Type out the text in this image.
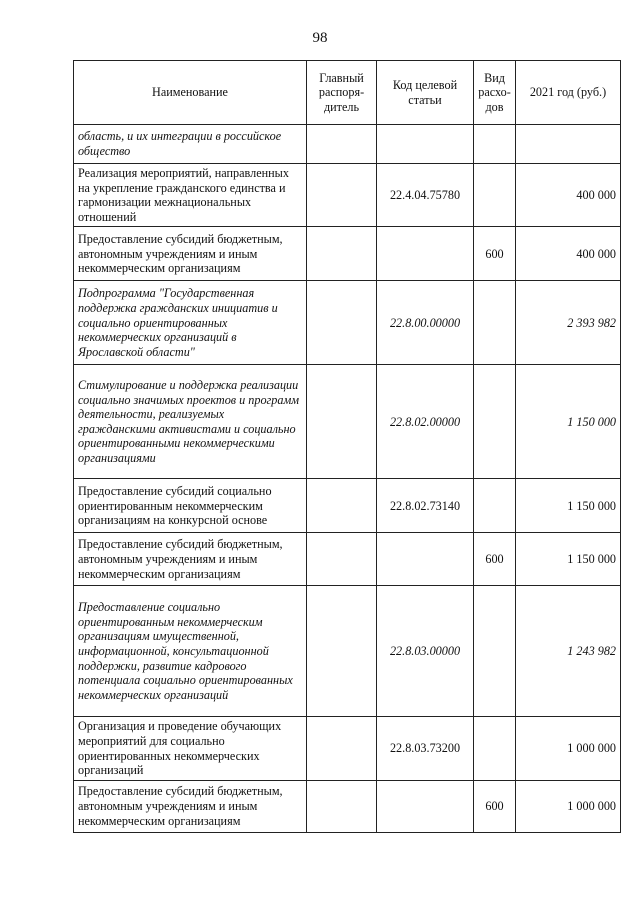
98
Наименование	Главный распоря- дитель	Код целевой статьи	Вид расхо- дов	2021 год (руб.)
область, и их интеграции в российское общество				
Реализация мероприятий, направленных на укрепление гражданского единства и гармонизации межнациональных отношений		22.4.04.75780		400 000
Предоставление субсидий бюджетным, автономным учреждениям и иным некоммерческим организациям			600	400 000
Подпрограмма "Государственная поддержка гражданских инициатив и социально ориентированных некоммерческих организаций в Ярославской области"		22.8.00.00000		2 393 982
Стимулирование и поддержка реализации социально значимых проектов и программ деятельности, реализуемых гражданскими активистами и социально ориентированными некоммерческими организациями		22.8.02.00000		1 150 000
Предоставление субсидий социально ориентированным некоммерческим организациям на конкурсной основе		22.8.02.73140		1 150 000
Предоставление субсидий бюджетным, автономным учреждениям и иным некоммерческим организациям			600	1 150 000
Предоставление социально ориентированным некоммерческим организациям имущественной, информационной, консультационной поддержки, развитие кадрового потенциала социально ориентированных некоммерческих организаций		22.8.03.00000		1 243 982
Организация и проведение обучающих мероприятий для социально ориентированных некоммерческих организаций		22.8.03.73200		1 000 000
Предоставление субсидий бюджетным, автономным учреждениям и иным некоммерческим организациям			600	1 000 000
